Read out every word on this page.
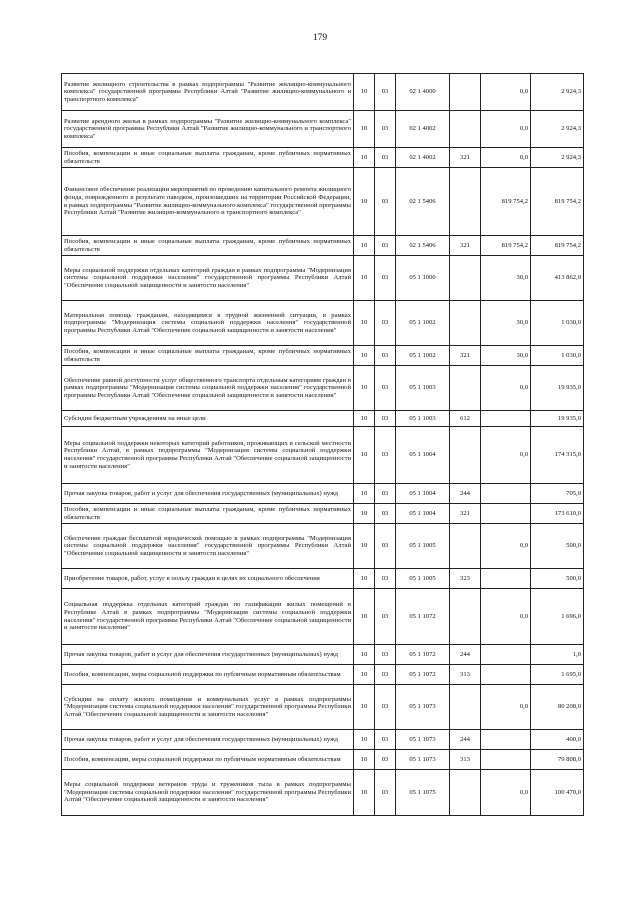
179
Развитие жилищного строительства в рамках подпрограммы "Развитие жилищно-коммунального комплекса" государственной программы Республики Алтай "Развитие жилищно-коммунального и транспортного комплекса"	10	03	02 1 4000		0,0	2 924,3
Развитие арендного жилья в рамках подпрограммы "Развитие жилищно-коммунального комплекса" государственной программы Республики Алтай "Развитие жилищно-коммунального и транспортного комплекса"	10	03	02 1 4002		0,0	2 924,3
Пособия, компенсации и иные социальные выплаты гражданам, кроме публичных нормативных обязательств	10	03	02 1 4002	321	0,0	2 924,3
Финансовое обеспечение реализации мероприятий по проведению капитального ремонта жилищного фонда, поврежденного в результате паводков, произошедших на территории Российской Федерации, в рамках подпрограммы "Развитие жилищно-коммунального комплекса" государственной программы Республики Алтай "Развитие жилищно-коммунального и транспортного комплекса"	10	03	02 1 5406		819 754,2	819 754,2
Пособия, компенсации и иные социальные выплаты гражданам, кроме публичных нормативных обязательств	10	03	02 1 5406	321	819 754,2	819 754,2
Меры социальной поддержки отдельных категорий граждан в рамках подпрограммы "Модернизация системы социальной поддержки населения" государственной программы Республики Алтай "Обеспечение социальной защищенности и занятости населения"	10	03	05 1 1000		30,0	413 862,0
Материальная помощь гражданам, находящимся в трудной жизненной ситуации, в рамках подпрограммы "Модернизация системы социальной поддержки населения" государственной программы Республики Алтай "Обеспечение социальной защищенности и занятости населения"	10	03	05 1 1002		30,0	1 030,0
Пособия, компенсации и иные социальные выплаты гражданам, кроме публичных нормативных обязательств	10	03	05 1 1002	321	30,0	1 030,0
Обеспечение равной доступности услуг общественного транспорта отдельным категориям граждан в рамках подпрограммы "Модернизация системы социальной поддержки населения" государственной программы Республики Алтай "Обеспечение социальной защищенности и занятости населения"	10	03	05 1 1003		0,0	19 935,0
Субсидии бюджетным учреждениям на иные цели	10	03	05 1 1003	612		19 935,0
Меры социальной поддержки некоторых категорий работников, проживающих в сельской местности Республики Алтай, в рамках подпрограммы "Модернизация системы социальной поддержки населения" государственной программы Республики Алтай "Обеспечение социальной защищенности и занятости населения"	10	03	05 1 1004		0,0	174 315,0
Прочая закупка товаров, работ и услуг для обеспечения государственных (муниципальных) нужд	10	03	05 1 1004	244		705,0
Пособия, компенсации и иные социальные выплаты гражданам, кроме публичных нормативных обязательств	10	03	05 1 1004	321		173 610,0
Обеспечение граждан бесплатной юридической помощью в рамках подпрограммы "Модернизация системы социальной поддержки населения" государственной программы Республики Алтай "Обеспечение социальной защищенности и занятости населения"	10	03	05 1 1005		0,0	500,0
Приобретение товаров, работ, услуг в пользу граждан в целях их социального обеспечения	10	03	05 1 1005	323		500,0
Социальная поддержка отдельных категорий граждан по газификации жилых помещений в Республике Алтай в рамках подпрограммы "Модернизация системы социальной поддержки населения" государственной программы Республики Алтай "Обеспечение социальной защищенности и занятости населения"	10	03	05 1 1072		0,0	1 696,0
Прочая закупка товаров, работ и услуг для обеспечения государственных (муниципальных) нужд	10	03	05 1 1072	244		1,0
Пособия, компенсации, меры социальной поддержки по публичным нормативным обязательствам	10	03	05 1 1072	313		1 695,0
Субсидии на оплату жилого помещения и коммунальных услуг в рамках подпрограммы "Модернизация системы социальной поддержки населения" государственной программы Республики Алтай "Обеспечение социальной защищенности и занятости населения"	10	03	05 1 1073		0,0	80 208,0
Прочая закупка товаров, работ и услуг для обеспечения государственных (муниципальных) нужд	10	03	05 1 1073	244		400,0
Пособия, компенсации, меры социальной поддержки по публичным нормативным обязательствам	10	03	05 1 1073	313		79 808,0
Меры социальной поддержки ветеранов труда и тружеников тыла в рамках подпрограммы "Модернизация системы социальной поддержки населения" государственной программы Республики Алтай "Обеспечение социальной защищенности и занятости населения"	10	03	05 1 1075		0,0	100 470,0
